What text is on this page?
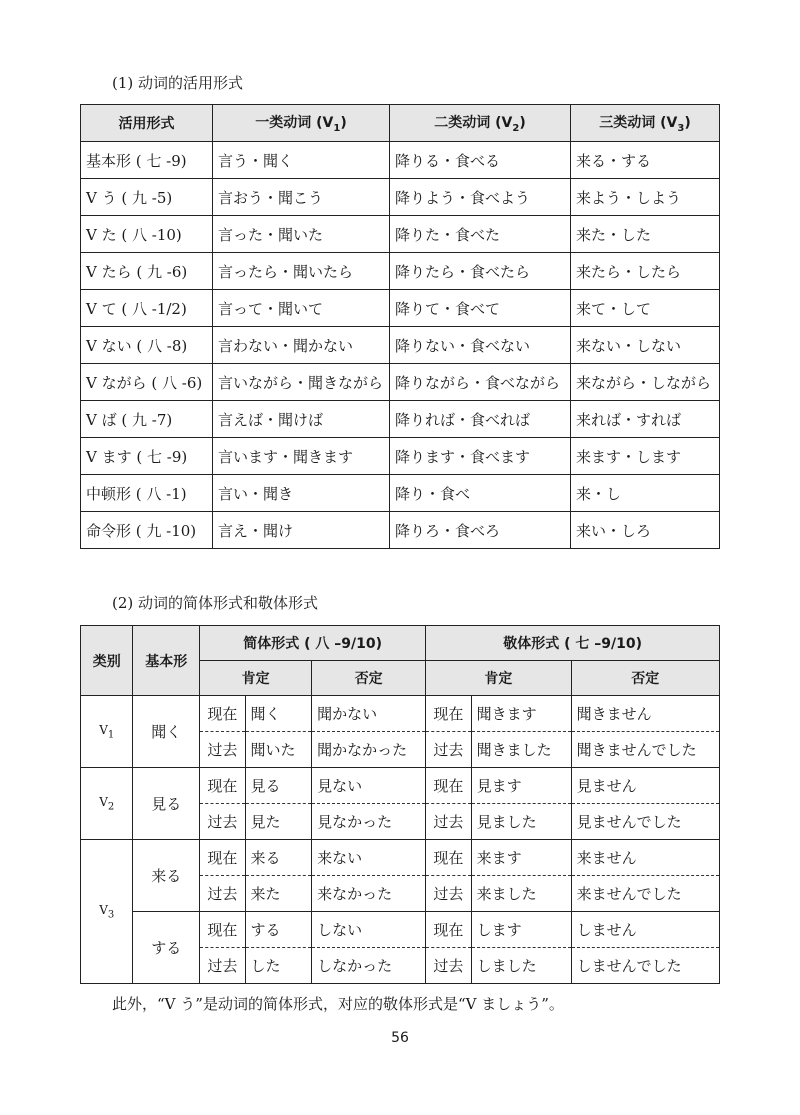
(1) 动词的活用形式
活用形式	一类动词 $(V_1)$	二类动词 $(V_2)$	三类动词 $(V_3)$
基本形 ( 七 -9)	言う・聞く	降りる・食べる	来る・する
V う ( 九 -5)	言おう・聞こう	降りよう・食べよう	来よう・しよう
V た ( 八 -10)	言った・聞いた	降りた・食べた	来た・した
V たら ( 九 -6)	言ったら・聞いたら	降りたら・食べたら	来たら・したら
V て ( 八 -1/2)	言って・聞いて	降りて・食べて	来て・して
V ない ( 八 -8)	言わない・聞かない	降りない・食べない	来ない・しない
V ながら ( 八 -6)	言いながら・聞きながら	降りながら・食べながら	来ながら・しながら
V ば ( 九 -7)	言えば・聞けば	降りれば・食べれば	来れば・すれば
V ます ( 七 -9)	言います・聞きます	降ります・食べます	来ます・します
中顿形 ( 八 -1)	言い・聞き	降り・食べ	来・し
命令形 ( 九 -10)	言え・聞け	降りろ・食べろ	来い・しろ
(2) 动词的简体形式和敬体形式
类别	基本形	简体形式 ( 八 –9/10)			敬体形式 ( 七 –9/10)		
		肯定		否定	肯定		否定
$V_1$	聞く	现在	聞く	聞かない	现在	聞きます	聞きません
		过去	聞いた	聞かなかった	过去	聞きました	聞きませんでした
$V_2$	見る	现在	見る	見ない	现在	見ます	見ません
		过去	見た	見なかった	过去	見ました	見ませんでした
$V_3$	来る	现在	来る	来ない	现在	来ます	来ません
		过去	来た	来なかった	过去	来ました	来ませんでした
	する	现在	する	しない	现在	します	しません
		过去	した	しなかった	过去	しました	しませんでした
此外，“V う”是动词的简体形式，对应的敬体形式是“V ましょう”。
56
